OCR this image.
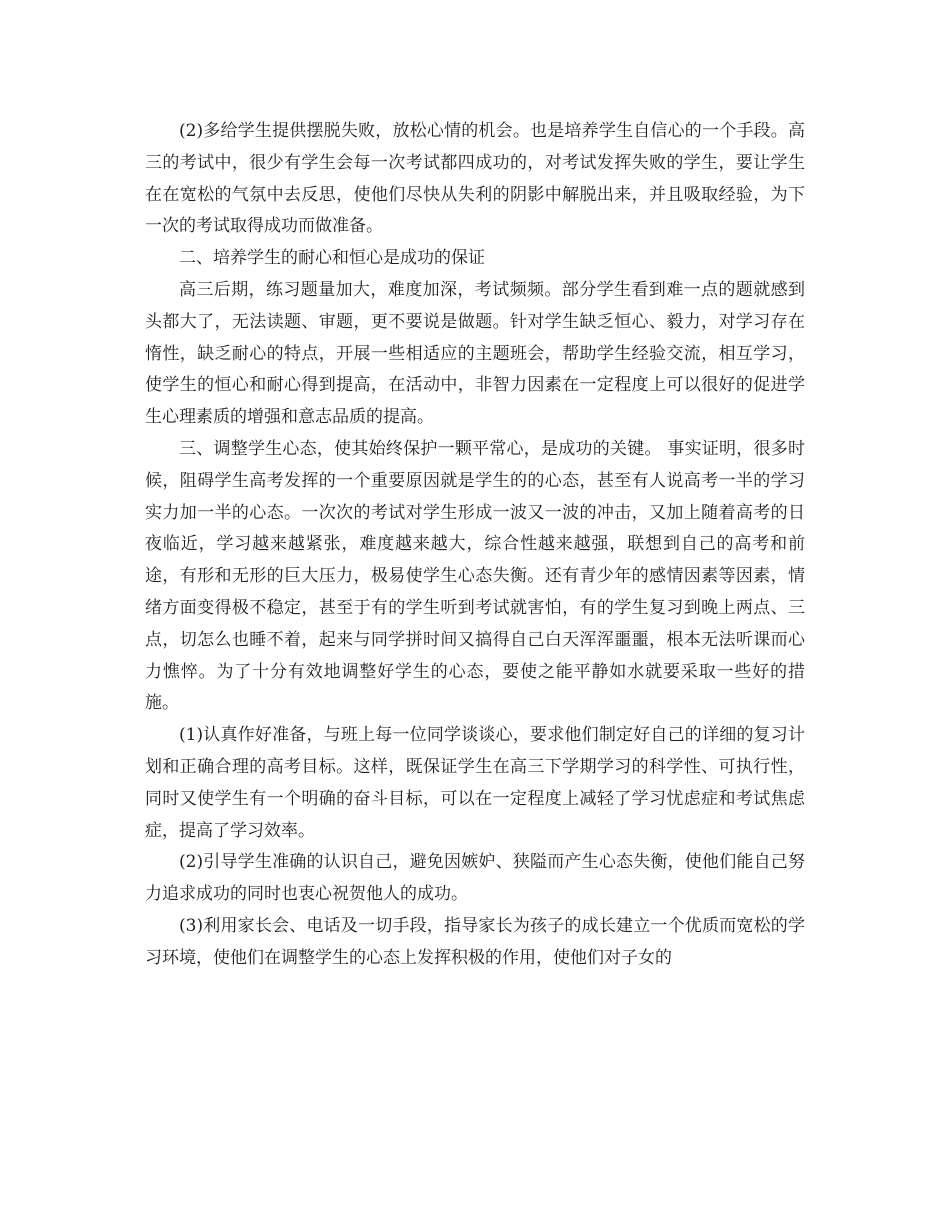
(2)多给学生提供摆脱失败，放松心情的机会。也是培养学生自信心的一个手段。高三的考试中，很少有学生会每一次考试都四成功的，对考试发挥失败的学生，要让学生在在宽松的气氛中去反思，使他们尽快从失利的阴影中解脱出来，并且吸取经验，为下一次的考试取得成功而做准备。

二、培养学生的耐心和恒心是成功的保证

高三后期，练习题量加大，难度加深，考试频频。部分学生看到难一点的题就感到头都大了，无法读题、审题，更不要说是做题。针对学生缺乏恒心、毅力，对学习存在惰性，缺乏耐心的特点，开展一些相适应的主题班会，帮助学生经验交流，相互学习，使学生的恒心和耐心得到提高，在活动中，非智力因素在一定程度上可以很好的促进学生心理素质的增强和意志品质的提高。

三、调整学生心态，使其始终保护一颗平常心，是成功的关键。 事实证明，很多时候，阻碍学生高考发挥的一个重要原因就是学生的的心态，甚至有人说高考一半的学习实力加一半的心态。一次次的考试对学生形成一波又一波的冲击，又加上随着高考的日夜临近，学习越来越紧张，难度越来越大，综合性越来越强，联想到自己的高考和前途，有形和无形的巨大压力，极易使学生心态失衡。还有青少年的感情因素等因素，情绪方面变得极不稳定，甚至于有的学生听到考试就害怕，有的学生复习到晚上两点、三点，切怎么也睡不着，起来与同学拼时间又搞得自己白天浑浑噩噩，根本无法听课而心力憔悴。为了十分有效地调整好学生的心态，要使之能平静如水就要采取一些好的措施。

(1)认真作好准备，与班上每一位同学谈谈心，要求他们制定好自己的详细的复习计划和正确合理的高考目标。这样，既保证学生在高三下学期学习的科学性、可执行性，同时又使学生有一个明确的奋斗目标，可以在一定程度上减轻了学习忧虑症和考试焦虑症，提高了学习效率。

(2)引导学生准确的认识自己，避免因嫉妒、狭隘而产生心态失衡，使他们能自己努力追求成功的同时也衷心祝贺他人的成功。

(3)利用家长会、电话及一切手段，指导家长为孩子的成长建立一个优质而宽松的学习环境，使他们在调整学生的心态上发挥积极的作用，使他们对子女的
